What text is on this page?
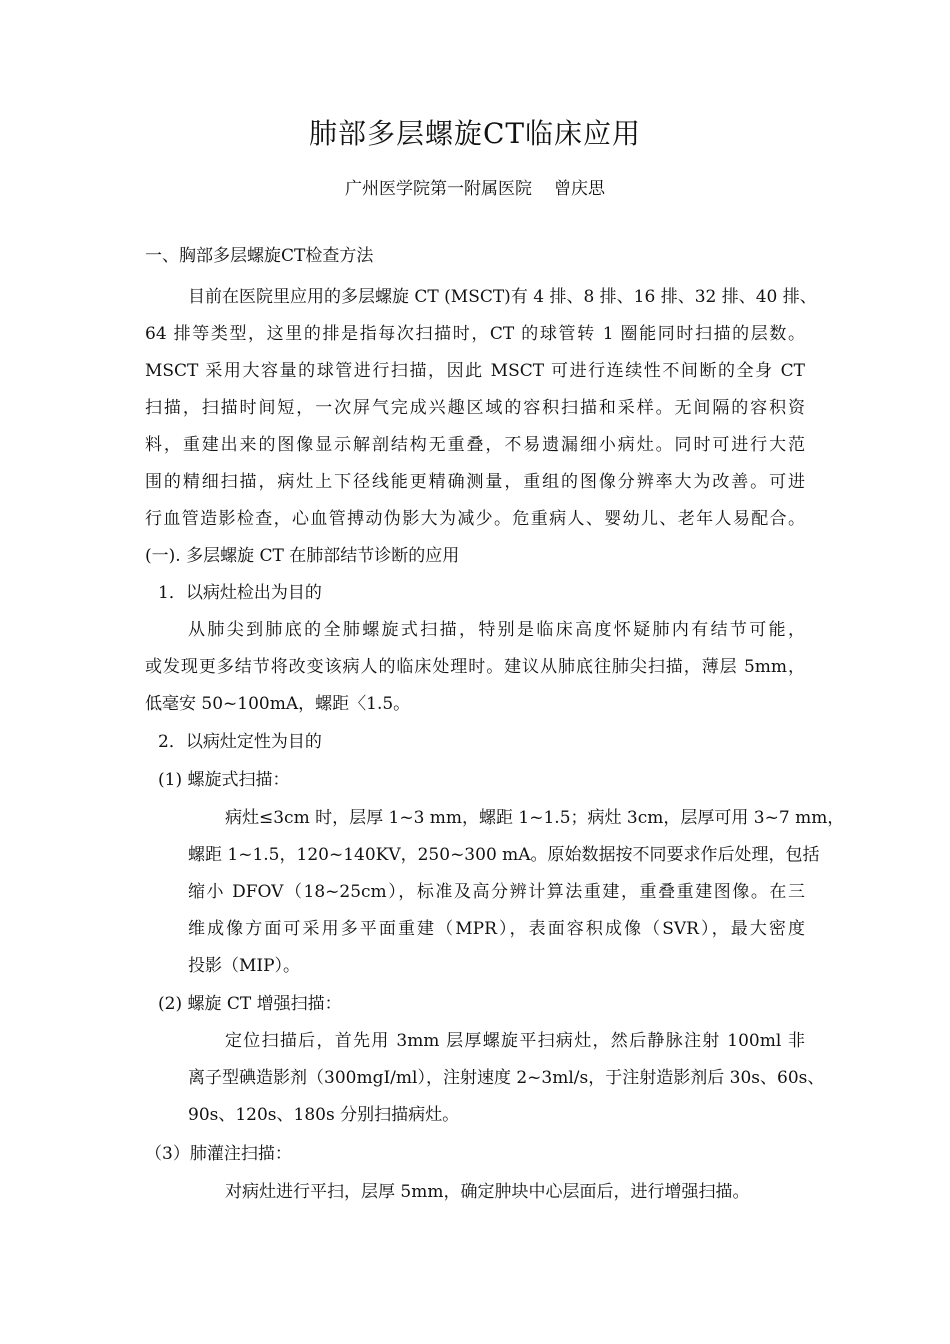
肺部多层螺旋CT临床应用
广州医学院第一附属医院 曾庆思
一、胸部多层螺旋CT检查方法
目前在医院里应用的多层螺旋 CT (MSCT)有 4 排、8 排、16 排、32 排、40 排、
64 排等类型，这里的排是指每次扫描时，CT 的球管转 1 圈能同时扫描的层数。
MSCT 采用大容量的球管进行扫描，因此 MSCT 可进行连续性不间断的全身 CT
扫描，扫描时间短，一次屏气完成兴趣区域的容积扫描和采样。无间隔的容积资
料，重建出来的图像显示解剖结构无重叠，不易遗漏细小病灶。同时可进行大范
围的精细扫描，病灶上下径线能更精确测量，重组的图像分辨率大为改善。可进
行血管造影检查，心血管搏动伪影大为减少。危重病人、婴幼儿、老年人易配合。
(一). 多层螺旋 CT 在肺部结节诊断的应用
1．以病灶检出为目的
从肺尖到肺底的全肺螺旋式扫描，特别是临床高度怀疑肺内有结节可能，
或发现更多结节将改变该病人的临床处理时。建议从肺底往肺尖扫描，薄层 5mm，
低毫安 50~100mA，螺距〈1.5。
2．以病灶定性为目的
(1) 螺旋式扫描：
病灶≤3cm 时，层厚 1~3 mm，螺距 1~1.5；病灶 3cm，层厚可用 3~7 mm，
螺距 1~1.5，120~140KV，250~300 mA。原始数据按不同要求作后处理，包括
缩小 DFOV（18~25cm），标准及高分辨计算法重建，重叠重建图像。在三
维成像方面可采用多平面重建（MPR），表面容积成像（SVR），最大密度
投影（MIP）。
(2) 螺旋 CT 增强扫描：
定位扫描后，首先用 3mm 层厚螺旋平扫病灶，然后静脉注射 100ml 非
离子型碘造影剂（300mgI/ml），注射速度 2~3ml/s，于注射造影剂后 30s、60s、
90s、120s、180s 分别扫描病灶。
（3）肺灌注扫描：
对病灶进行平扫，层厚 5mm，确定肿块中心层面后，进行增强扫描。
